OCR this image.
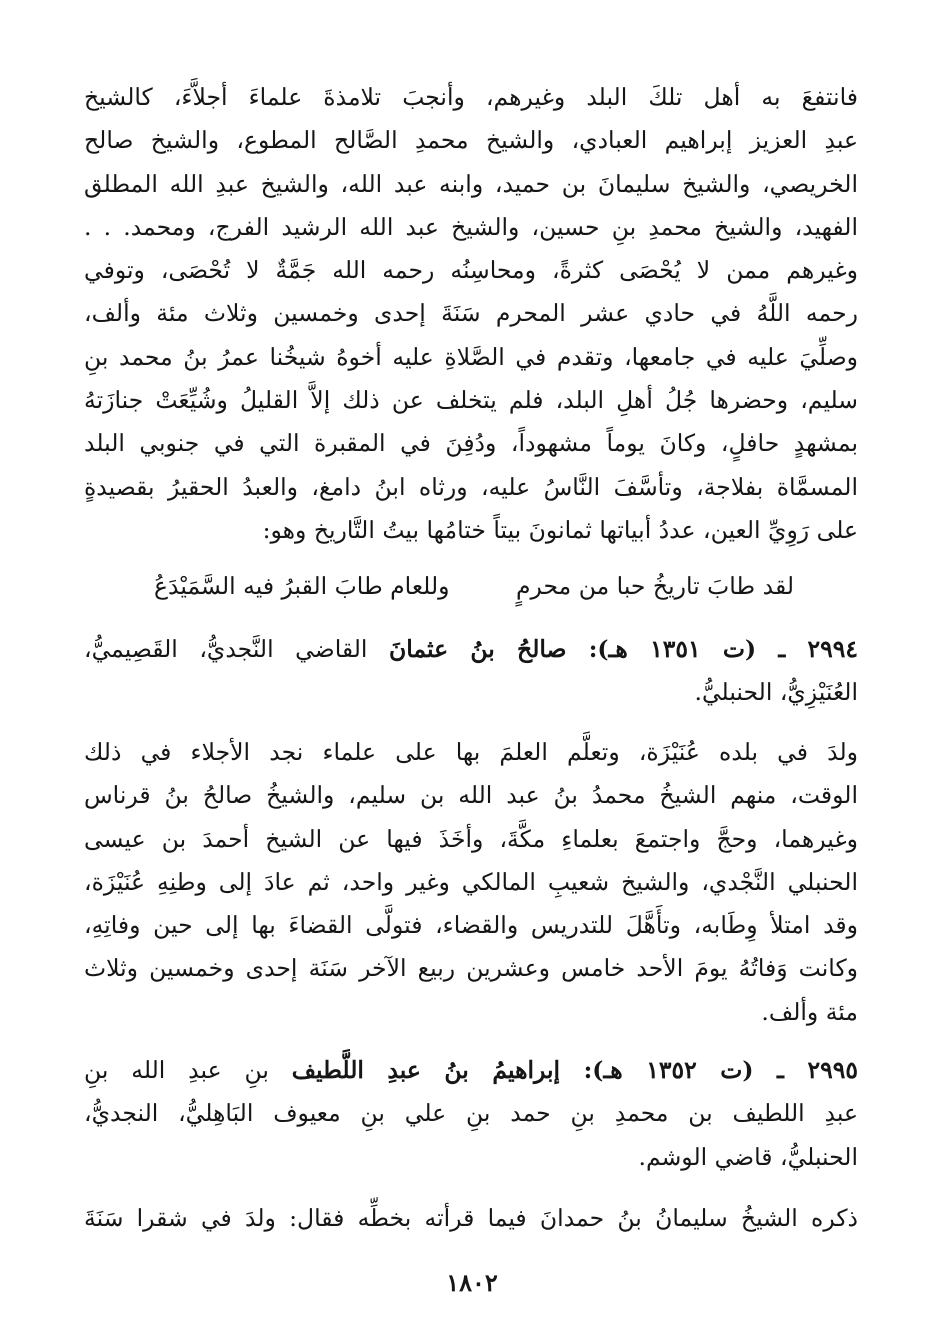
فانتفعَ به أهل تلكَ البلد وغيرهم، وأنجبَ تلامذةَ علماءَ أجلاَّءَ، كالشيخ
عبدِ العزيز إبراهيم العبادي، والشيخ محمدِ الصَّالح المطوع، والشيخ صالح
الخريصي، والشيخ سليمانَ بن حميد، وابنه عبد الله، والشيخ عبدِ الله المطلق
الفهيد، والشيخ محمدِ بنِ حسين، والشيخ عبد الله الرشيد الفرج، ومحمد. . .
وغيرهم ممن لا يُحْصَى كثرةً، ومحاسِنُه رحمه الله جَمَّةٌ لا تُحْصَى، وتوفي
رحمه اللَّهُ في حادي عشر المحرم سَنَةَ إحدى وخمسين وثلاث مئة وألف،
وصلِّيَ عليه في جامعها، وتقدم في الصَّلاةِ عليه أخوهُ شيخُنا عمرُ بنُ محمد بنِ
سليم، وحضرها جُلُ أهلِ البلد، فلم يتخلف عن ذلك إلاَّ القليلُ وشُيِّعَتْ جنازَتهُ
بمشهدٍ حافلٍ، وكانَ يوماً مشهوداً، ودُفِنَ في المقبرة التي في جنوبي البلد
المسمَّاة بفلاجة، وتأسَّفَ النَّاسُ عليه، ورثاه ابنُ دامغ، والعبدُ الحقيرُ بقصيدةٍ
على رَوِيِّ العين، عددُ أبياتها ثمانونَ بيتاً ختامُها بيتُ التَّاريخ وهو:
لقد طابَ تاريخُ حبا من محرمٍ
وللعام طابَ القبرُ فيه السَّمَيْدَعُ
٢٩٩٤ ـ (ت ١٣٥١ هـ): صالحُ بنُ عثمانَ القاضي النَّجديُّ، القَصِيميُّ،
العُنَيْزِيُّ، الحنبليُّ.
ولدَ في بلده عُنَيْزَة، وتعلَّم العلمَ بها على علماء نجد الأجلاء في ذلك
الوقت، منهم الشيخُ محمدُ بنُ عبد الله بن سليم، والشيخُ صالحُ بنُ قرناس
وغيرهما، وحجَّ واجتمعَ بعلماءِ مكَّةَ، وأخَذَ فيها عن الشيخ أحمدَ بن عيسى
الحنبلي النَّجْدي، والشيخ شعيبِ المالكي وغير واحد، ثم عادَ إلى وطنِهِ عُنَيْزَة،
وقد امتلأ وِطَابه، وتأَهَّلَ للتدريس والقضاء، فتولَّى القضاءَ بها إلى حين وفاتِهِ،
وكانت وَفاتُهُ يومَ الأحد خامس وعشرين ربيع الآخر سَنَة إحدى وخمسين وثلاث
مئة وألف.
٢٩٩٥ ـ (ت ١٣٥٢ هـ): إبراهيمُ بنُ عبدِ اللَّطيف بنِ عبدِ الله بنِ
عبدِ اللطيف بن محمدِ بنِ حمد بنِ علي بنِ معيوف البَاهِليُّ، النجديُّ،
الحنبليُّ، قاضي الوشم.
ذكره الشيخُ سليمانُ بنُ حمدانَ فيما قرأته بخطِّه فقال: ولدَ في شقرا سَنَةَ
١٨٠٢
